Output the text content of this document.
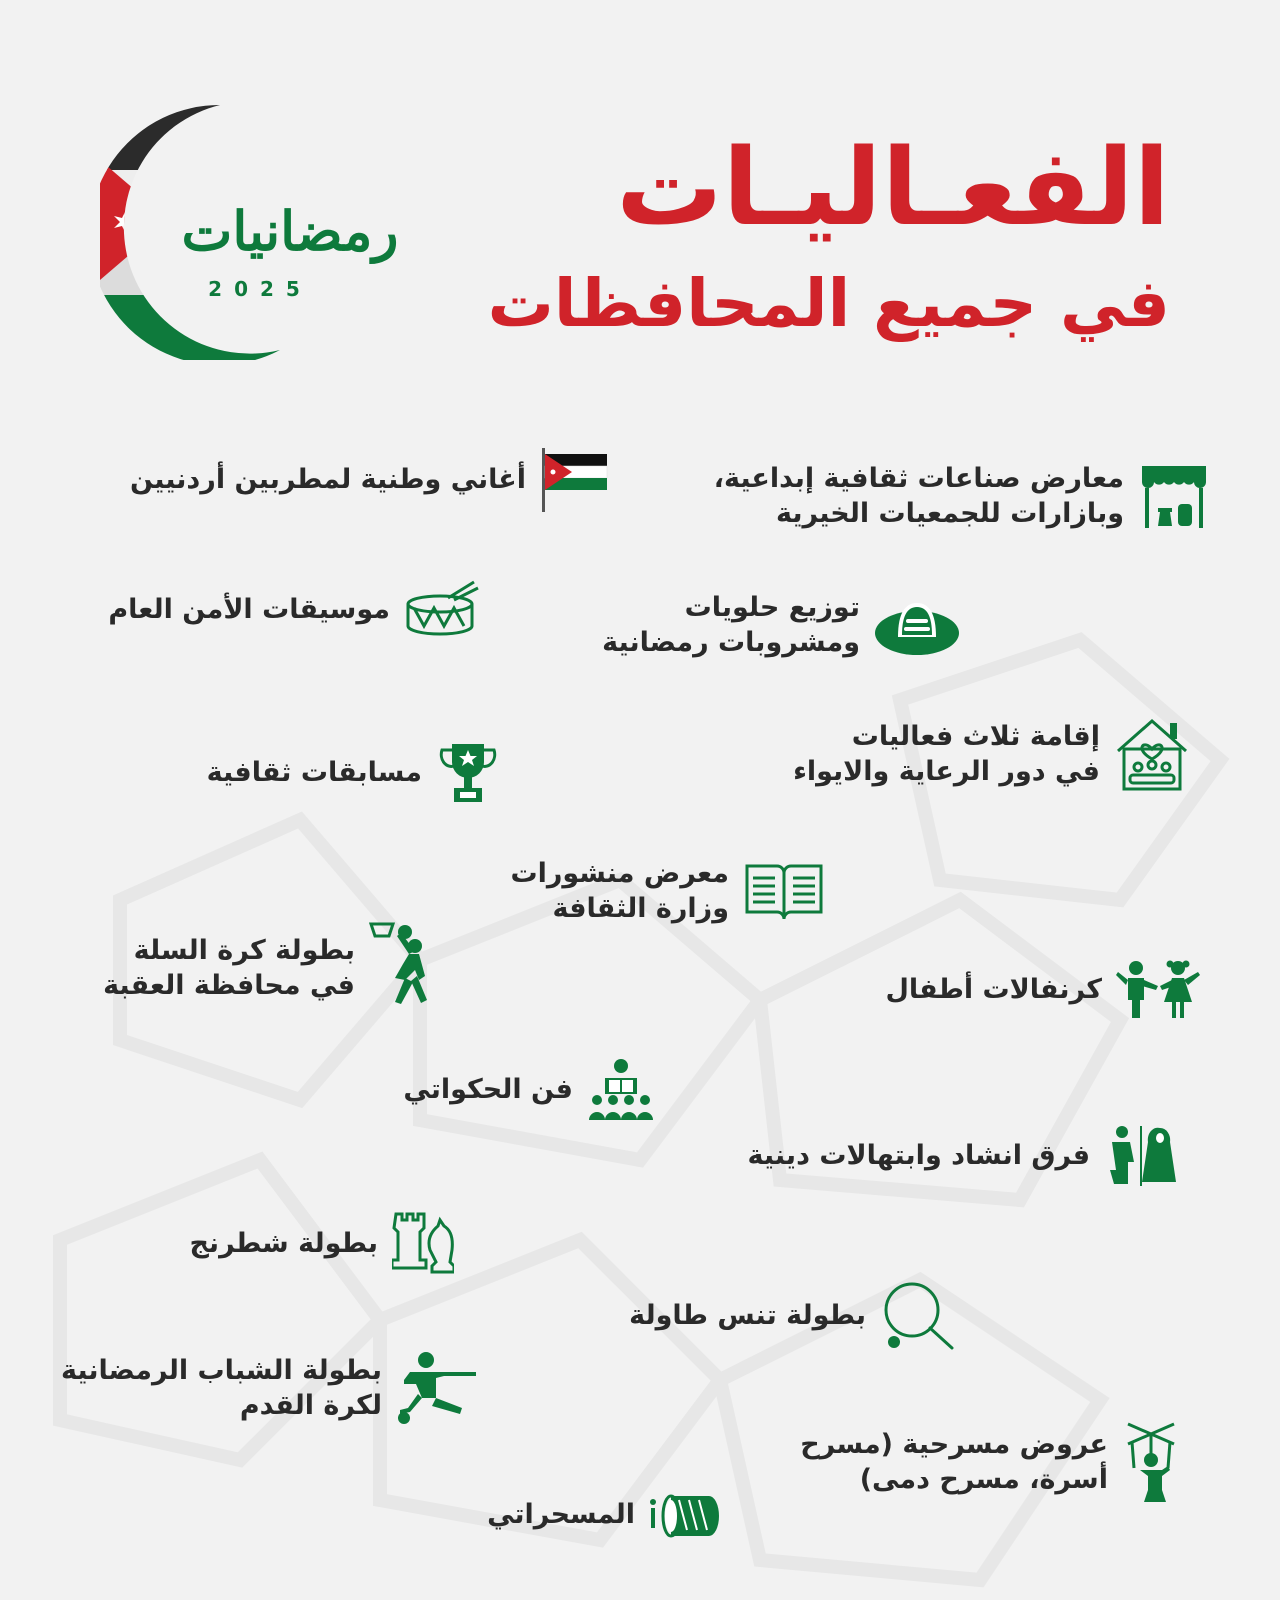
رمضانيات
2025
الفعـاليـات
في جميع المحافظات
معارض صناعات ثقافية إبداعية،
وبازارات للجمعيات الخيرية
أغاني وطنية لمطربين أردنيين
توزيع حلويات
ومشروبات رمضانية
موسيقات الأمن العام
إقامة ثلاث فعاليات
في دور الرعاية والايواء
مسابقات ثقافية
معرض منشورات
وزارة الثقافة
بطولة كرة السلة
في محافظة العقبة	كرنفالات أطفال
فن الحكواتي
فرق انشاد وابتهالات دينية
بطولة شطرنج
بطولة تنس طاولة
بطولة الشباب الرمضانية
لكرة القدم
عروض مسرحية (مسرح
أسرة، مسرح دمى)
المسحراتي
